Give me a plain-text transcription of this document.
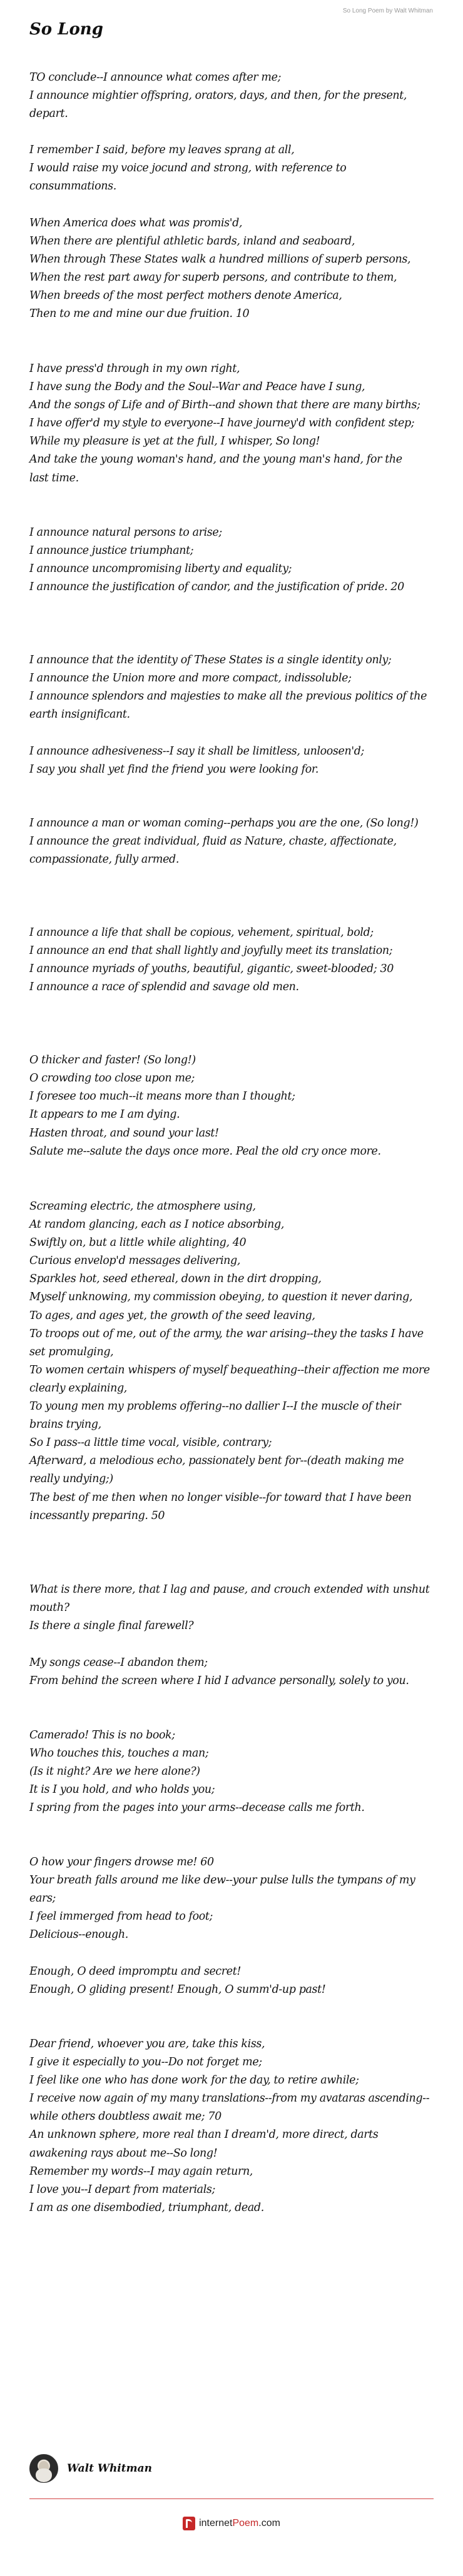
So Long
So Long Poem by Walt Whitman
TO conclude--I announce what comes after me;
I announce mightier offspring, orators, days, and then, for the present, depart.
I remember I said, before my leaves sprang at all,
I would raise my voice jocund and strong, with reference to consummations.
When America does what was promis'd,
When there are plentiful athletic bards, inland and seaboard,
When through These States walk a hundred millions of superb persons,
When the rest part away for superb persons, and contribute to them,
When breeds of the most perfect mothers denote America,
Then to me and mine our due fruition. 10
I have press'd through in my own right,
I have sung the Body and the Soul--War and Peace have I sung,
And the songs of Life and of Birth--and shown that there are many births;
I have offer'd my style to everyone--I have journey'd with confident step;
While my pleasure is yet at the full, I whisper, So long!
And take the young woman's hand, and the young man's hand, for the
last time.
I announce natural persons to arise;
I announce justice triumphant;
I announce uncompromising liberty and equality;
I announce the justification of candor, and the justification of pride. 20
I announce that the identity of These States is a single identity only;
I announce the Union more and more compact, indissoluble;
I announce splendors and majesties to make all the previous politics of the earth insignificant.
I announce adhesiveness--I say it shall be limitless, unloosen'd;
I say you shall yet find the friend you were looking for.
I announce a man or woman coming--perhaps you are the one, (So long!)
I announce the great individual, fluid as Nature, chaste, affectionate, compassionate, fully armed.
I announce a life that shall be copious, vehement, spiritual, bold;
I announce an end that shall lightly and joyfully meet its translation;
I announce myriads of youths, beautiful, gigantic, sweet-blooded; 30
I announce a race of splendid and savage old men.
O thicker and faster! (So long!)
O crowding too close upon me;
I foresee too much--it means more than I thought;
It appears to me I am dying.
Hasten throat, and sound your last!
Salute me--salute the days once more. Peal the old cry once more.
Screaming electric, the atmosphere using,
At random glancing, each as I notice absorbing,
Swiftly on, but a little while alighting, 40
Curious envelop'd messages delivering,
Sparkles hot, seed ethereal, down in the dirt dropping,
Myself unknowing, my commission obeying, to question it never daring,
To ages, and ages yet, the growth of the seed leaving,
To troops out of me, out of the army, the war arising--they the tasks I have set promulging,
To women certain whispers of myself bequeathing--their affection me more clearly explaining,
To young men my problems offering--no dallier I--I the muscle of their brains trying,
So I pass--a little time vocal, visible, contrary;
Afterward, a melodious echo, passionately bent for--(death making me
really undying;)
The best of me then when no longer visible--for toward that I have been incessantly preparing. 50
What is there more, that I lag and pause, and crouch extended with unshut mouth?
Is there a single final farewell?
My songs cease--I abandon them;
From behind the screen where I hid I advance personally, solely to you.
Camerado! This is no book;
Who touches this, touches a man;
(Is it night? Are we here alone?)
It is I you hold, and who holds you;
I spring from the pages into your arms--decease calls me forth.
O how your fingers drowse me! 60
Your breath falls around me like dew--your pulse lulls the tympans of my ears;
I feel immerged from head to foot;
Delicious--enough.
Enough, O deed impromptu and secret!
Enough, O gliding present! Enough, O summ'd-up past!
Dear friend, whoever you are, take this kiss,
I give it especially to you--Do not forget me;
I feel like one who has done work for the day, to retire awhile;
I receive now again of my many translations--from my avataras ascending--while others doubtless await me; 70
An unknown sphere, more real than I dream'd, more direct, darts awakening rays about me--So long!
Remember my words--I may again return,
I love you--I depart from materials;
I am as one disembodied, triumphant, dead.
Walt Whitman
internetPoem.com
